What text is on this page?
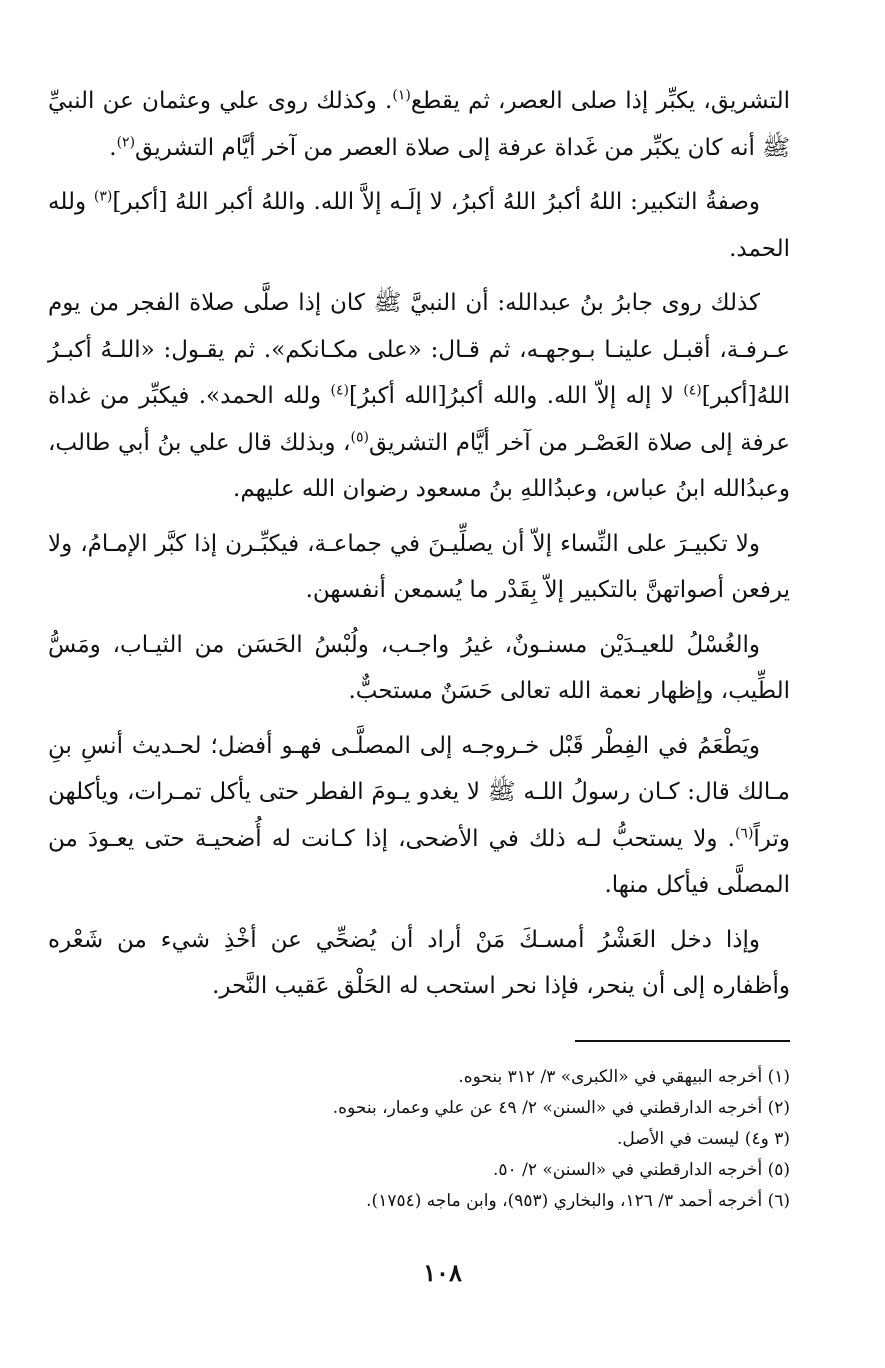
التشريق، يكبِّر إذا صلى العصر، ثم يقطع$^{(١)}$. وكذلك روى علي وعثمان عن النبيِّ ﷺ أنه كان يكبِّر من غَداة عرفة إلى صلاة العصر من آخر أيَّام التشريق$^{(٢)}$.

وصفةُ التكبير: اللهُ أكبرُ اللهُ أكبرُ، لا إلَـه إلاَّ الله. واللهُ أكبر اللهُ [أكبر]$^{(٣)}$ ولله الحمد.

كذلك روى جابرُ بنُ عبدالله: أن النبيَّ ﷺ كان إذا صلَّى صلاة الفجر من يوم عـرفـة، أقبـل علينـا بـوجهـه، ثم قـال: «على مكـانكم». ثم يقـول: «اللـهُ أكبـرُ اللهُ[أكبر]$^{(٤)}$ لا إله إلاّ الله. والله أكبرُ[الله أكبرُ]$^{(٤)}$ ولله الحمد». فيكبِّر من غداة عرفة إلى صلاة العَصْـر من آخر أيَّام التشريق$^{(٥)}$، وبذلك قال علي بنُ أبي طالب، وعبدُالله ابنُ عباس، وعبدُاللهِ بنُ مسعود رضوان الله عليهم.

ولا تكبيـرَ على النِّساء إلاّ أن يصلِّيـنَ في جماعـة، فيكبِّـرن إذا كبَّر الإمـامُ، ولا يرفعن أصواتهنَّ بالتكبير إلاّ بِقَدْر ما يُسمعن أنفسهن.

والغُسْلُ للعيـدَيْن مسنـونٌ، غيرُ واجـب، ولُبْسُ الحَسَن من الثيـاب، ومَسُّ الطِّيب، وإظهار نعمة الله تعالى حَسَنٌ مستحبٌّ.

ويَطْعَمُ في الفِطْر قَبْل خـروجـه إلى المصلَّـى فهـو أفضل؛ لحـديث أنسِ بنِ مـالك قال: كـان رسولُ اللـه ﷺ لا يغدو يـومَ الفطر حتى يأكل تمـرات، ويأكلهن وتراً$^{(٦)}$. ولا يستحبُّ لـه ذلك في الأضحى، إذا كـانت له أُضحيـة حتى يعـودَ من المصلَّى فيأكل منها.

وإذا دخل العَشْرُ أمسـكَ مَنْ أراد أن يُضحِّي عن أخْذِ شيء من شَعْره وأظفاره إلى أن ينحر، فإذا نحر استحب له الحَلْق عَقيب النَّحر.

(١) أخرجه البيهقي في «الكبرى» ٣/ ٣١٢ بنحوه.
(٢) أخرجه الدارقطني في «السنن» ٢/ ٤٩ عن علي وعمار، بنحوه.
(٣ و٤) ليست في الأصل.
(٥) أخرجه الدارقطني في «السنن» ٢/ ٥٠.
(٦) أخرجه أحمد ٣/ ١٢٦، والبخاري (٩٥٣)، وابن ماجه (١٧٥٤).
١٠٨
